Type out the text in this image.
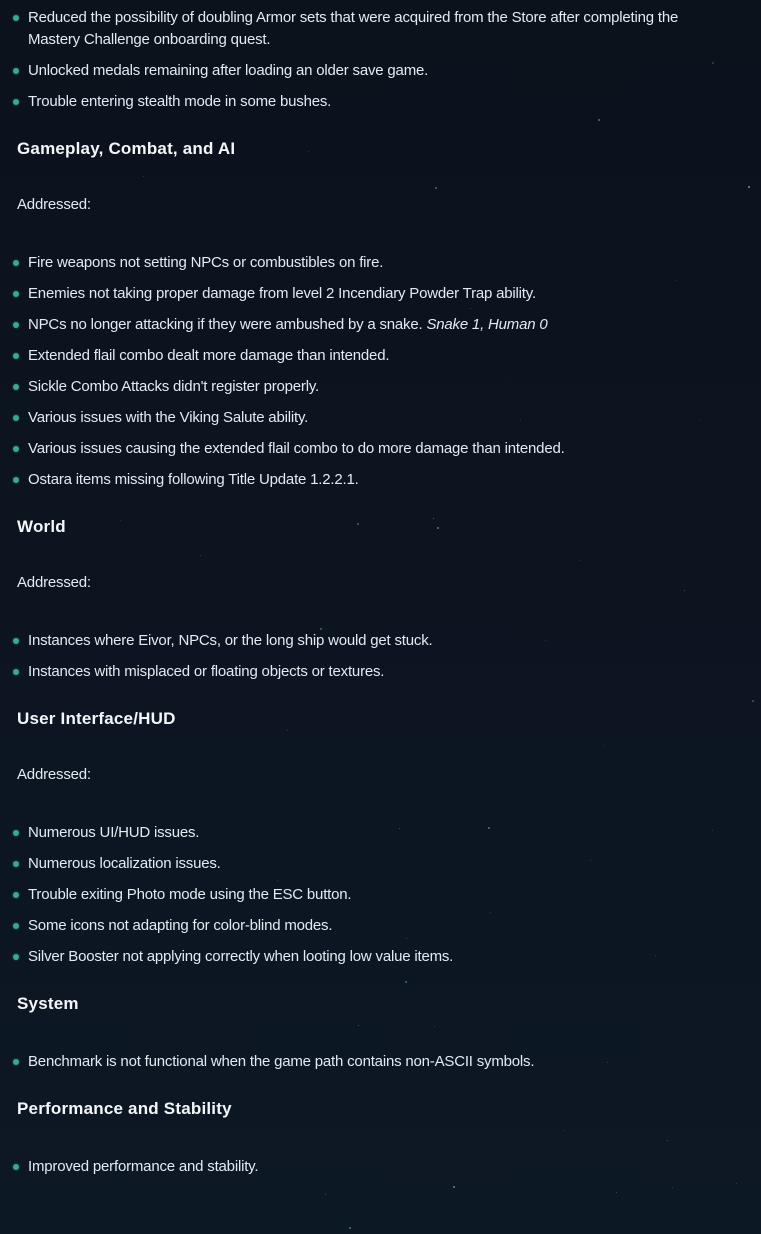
Reduced the possibility of doubling Armor sets that were acquired from the Store after completing the Mastery Challenge onboarding quest.
Unlocked medals remaining after loading an older save game.
Trouble entering stealth mode in some bushes.
Gameplay, Combat, and AI

Addressed:

Fire weapons not setting NPCs or combustibles on fire.
Enemies not taking proper damage from level 2 Incendiary Powder Trap ability.
NPCs no longer attacking if they were ambushed by a snake. Snake 1, Human 0
Extended flail combo dealt more damage than intended.
Sickle Combo Attacks didn't register properly.
Various issues with the Viking Salute ability.
Various issues causing the extended flail combo to do more damage than intended.
Ostara items missing following Title Update 1.2.2.1.
World

Addressed:

Instances where Eivor, NPCs, or the long ship would get stuck.
Instances with misplaced or floating objects or textures.
User Interface/HUD

Addressed:

Numerous UI/HUD issues.
Numerous localization issues.
Trouble exiting Photo mode using the ESC button.
Some icons not adapting for color-blind modes.
Silver Booster not applying correctly when looting low value items.
System
Benchmark is not functional when the game path contains non-ASCII symbols.
Performance and Stability
Improved performance and stability.
